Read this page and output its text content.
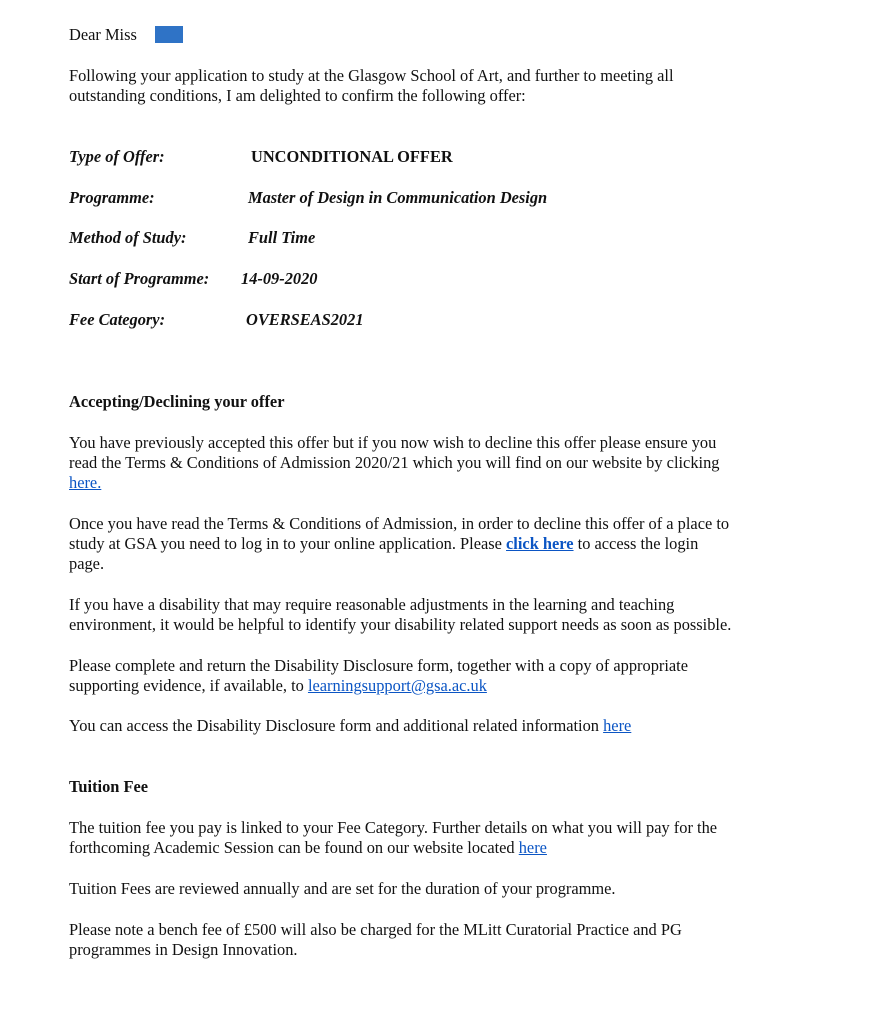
Dear Miss

Following your application to study at the Glasgow School of Art, and further to meeting all

outstanding conditions, I am delighted to confirm the following offer:

Type of Offer:	UNCONDITIONAL OFFER
Programme:	Master of Design in Communication Design
Method of Study:	Full Time
Start of Programme: 14-09-2020
Fee Category:	OVERSEAS2021

Accepting/Declining your offer

You have previously accepted this offer but if you now wish to decline this offer please ensure you

read the Terms & Conditions of Admission 2020/21 which you will find on our website by clicking

here.

Once you have read the Terms & Conditions of Admission, in order to decline this offer of a place to

study at GSA you need to log in to your online application. Please click here to access the login

page.

If you have a disability that may require reasonable adjustments in the learning and teaching

environment, it would be helpful to identify your disability related support needs as soon as possible.

Please complete and return the Disability Disclosure form, together with a copy of appropriate

supporting evidence, if available, to learningsupport@gsa.ac.uk

You can access the Disability Disclosure form and additional related information here

Tuition Fee

The tuition fee you pay is linked to your Fee Category. Further details on what you will pay for the

forthcoming Academic Session can be found on our website located here

Tuition Fees are reviewed annually and are set for the duration of your programme.

Please note a bench fee of £500 will also be charged for the MLitt Curatorial Practice and PG

programmes in Design Innovation.
